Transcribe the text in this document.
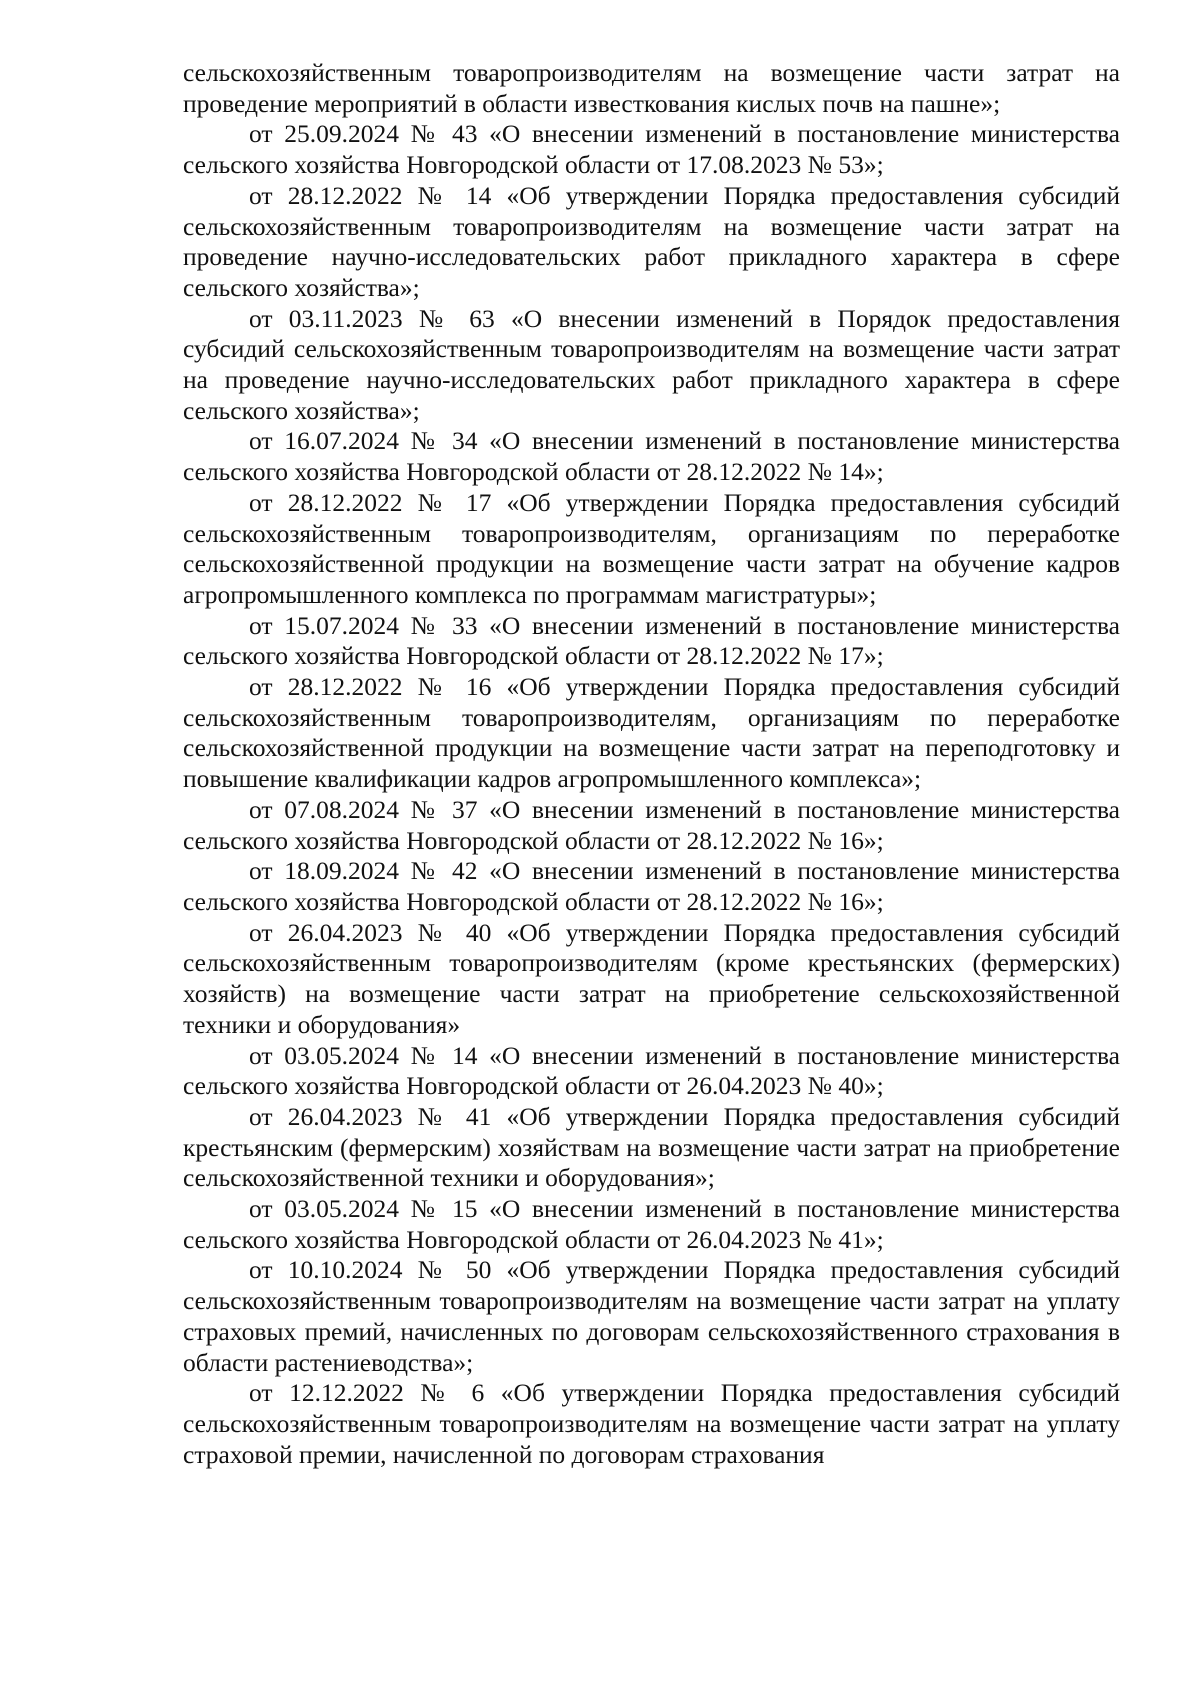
сельскохозяйственным товаропроизводителям на возмещение части затрат на проведение мероприятий в области известкования кислых почв на пашне»;

от 25.09.2024 № 43 «О внесении изменений в постановление министерства сельского хозяйства Новгородской области от 17.08.2023 № 53»;

от 28.12.2022 № 14 «Об утверждении Порядка предоставления субсидий сельскохозяйственным товаропроизводителям на возмещение части затрат на проведение научно-исследовательских работ прикладного характера в сфере сельского хозяйства»;

от 03.11.2023 № 63 «О внесении изменений в Порядок предоставления субсидий сельскохозяйственным товаропроизводителям на возмещение части затрат на проведение научно-исследовательских работ прикладного характера в сфере сельского хозяйства»;

от 16.07.2024 № 34 «О внесении изменений в постановление министерства сельского хозяйства Новгородской области от 28.12.2022 № 14»;

от 28.12.2022 № 17 «Об утверждении Порядка предоставления субсидий сельскохозяйственным товаропроизводителям, организациям по переработке сельскохозяйственной продукции на возмещение части затрат на обучение кадров агропромышленного комплекса по программам магистратуры»;

от 15.07.2024 № 33 «О внесении изменений в постановление министерства сельского хозяйства Новгородской области от 28.12.2022 № 17»;

от 28.12.2022 № 16 «Об утверждении Порядка предоставления субсидий сельскохозяйственным товаропроизводителям, организациям по переработке сельскохозяйственной продукции на возмещение части затрат на переподготовку и повышение квалификации кадров агропромышленного комплекса»;

от 07.08.2024 № 37 «О внесении изменений в постановление министерства сельского хозяйства Новгородской области от 28.12.2022 № 16»;

от 18.09.2024 № 42 «О внесении изменений в постановление министерства сельского хозяйства Новгородской области от 28.12.2022 № 16»;

от 26.04.2023 № 40 «Об утверждении Порядка предоставления субсидий сельскохозяйственным товаропроизводителям (кроме крестьянских (фермерских) хозяйств) на возмещение части затрат на приобретение сельскохозяйственной техники и оборудования»

от 03.05.2024 № 14 «О внесении изменений в постановление министерства сельского хозяйства Новгородской области от 26.04.2023 № 40»;

от 26.04.2023 № 41 «Об утверждении Порядка предоставления субсидий крестьянским (фермерским) хозяйствам на возмещение части затрат на приобретение сельскохозяйственной техники и оборудования»;

от 03.05.2024 № 15 «О внесении изменений в постановление министерства сельского хозяйства Новгородской области от 26.04.2023 № 41»;

от 10.10.2024 № 50 «Об утверждении Порядка предоставления субсидий сельскохозяйственным товаропроизводителям на возмещение части затрат на уплату страховых премий, начисленных по договорам сельскохозяйственного страхования в области растениеводства»;

от 12.12.2022 № 6 «Об утверждении Порядка предоставления субсидий сельскохозяйственным товаропроизводителям на возмещение части затрат на уплату страховой премии, начисленной по договорам страхования
